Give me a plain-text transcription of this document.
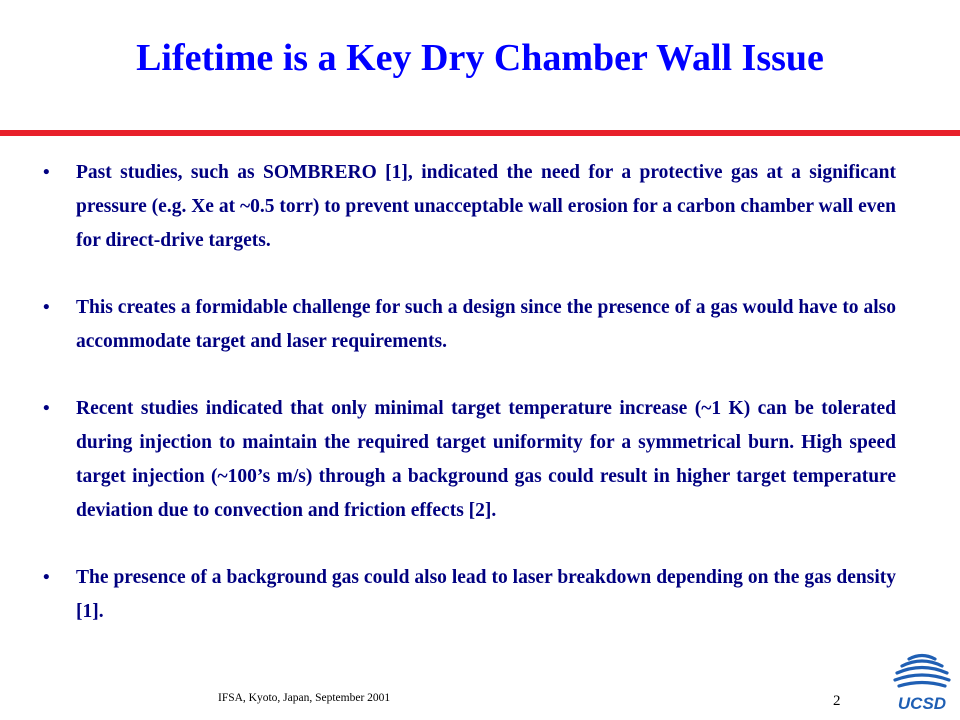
Lifetime is a Key Dry Chamber Wall Issue
• Past studies, such as SOMBRERO [1], indicated the need for a protective gas at a significant pressure (e.g. Xe at ~0.5 torr) to prevent unacceptable wall erosion for a carbon chamber wall even for direct-drive targets.
• This creates a formidable challenge for such a design since the presence of a gas would have to also accommodate target and laser requirements.
• Recent studies indicated that only minimal target temperature increase (~1 K) can be tolerated during injection to maintain the required target uniformity for a symmetrical burn. High speed target injection (~100’s m/s) through a background gas could result in higher target temperature deviation due to convection and friction effects [2].
• The presence of a background gas could also lead to laser breakdown depending on the gas density [1].
IFSA, Kyoto, Japan, September 2001	2	UCSD
